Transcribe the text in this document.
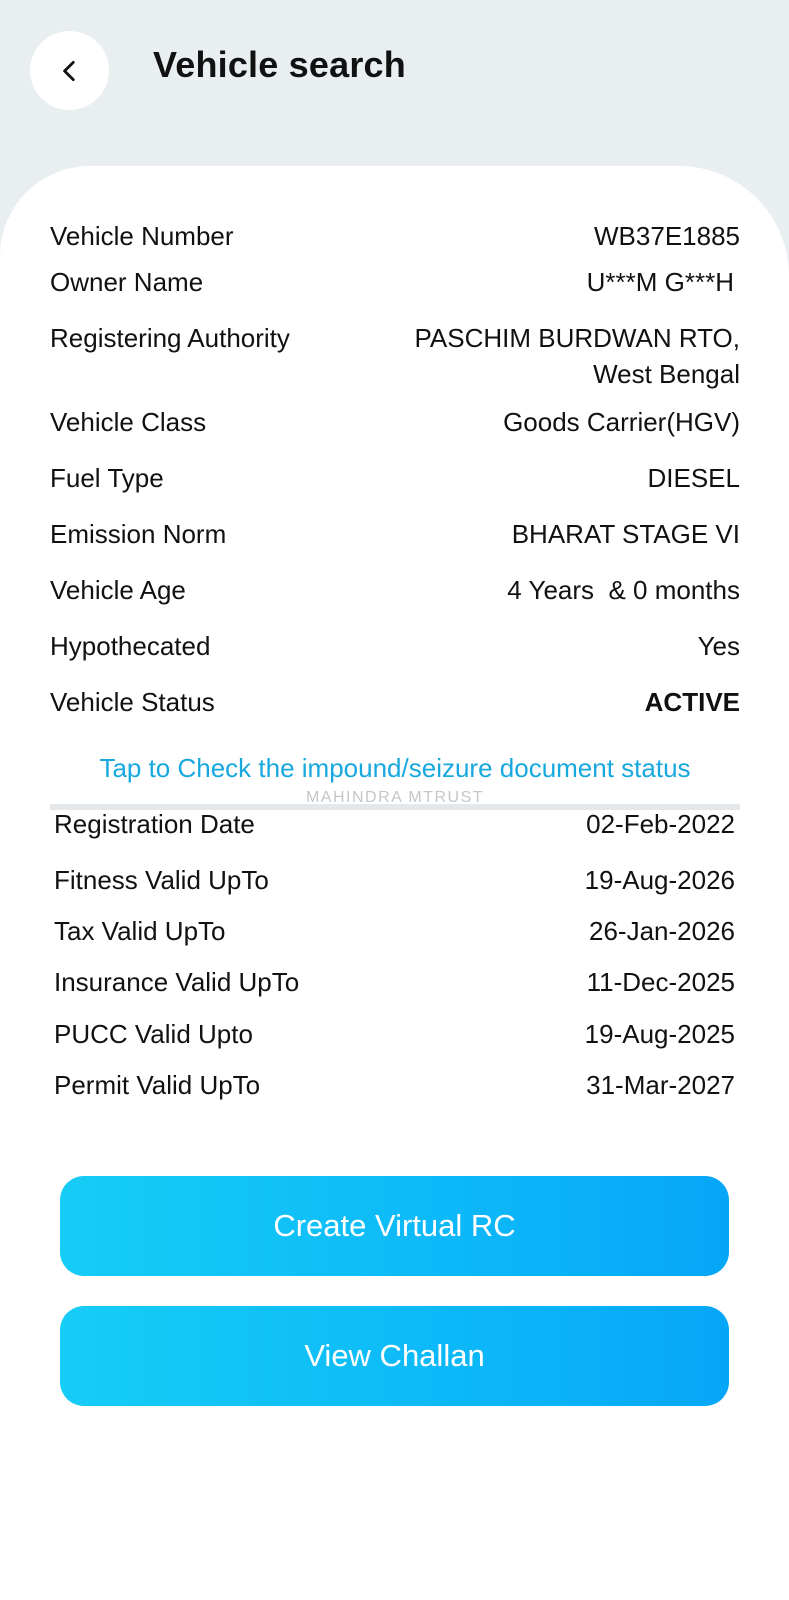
Vehicle search
Vehicle Number	WB37E1885
Owner Name	U***M G***H
Registering Authority	PASCHIM BURDWAN RTO,
West Bengal
Vehicle Class	Goods Carrier(HGV)
Fuel Type	DIESEL
Emission Norm	BHARAT STAGE VI
Vehicle Age	4 Years  & 0 months
Hypothecated	Yes
Vehicle Status	ACTIVE
Tap to Check the impound/seizure document status
MAHINDRA MTRUST
Registration Date	02-Feb-2022
Fitness Valid UpTo	19-Aug-2026
Tax Valid UpTo	26-Jan-2026
Insurance Valid UpTo	11-Dec-2025
PUCC Valid Upto	19-Aug-2025
Permit Valid UpTo	31-Mar-2027
Create Virtual RC
View Challan
